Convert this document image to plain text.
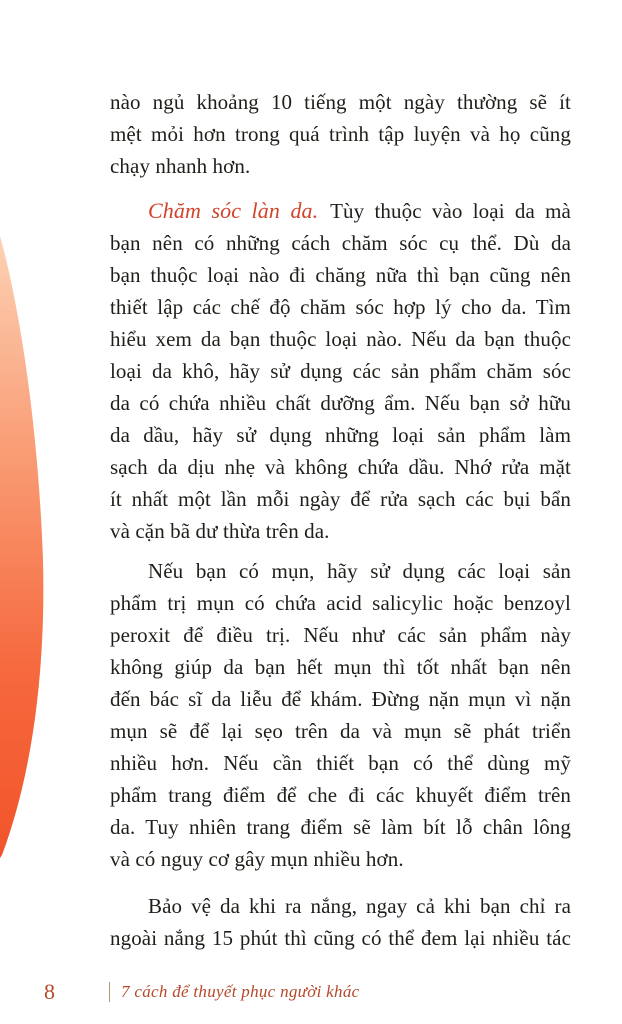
nào ngủ khoảng 10 tiếng một ngày thường sẽ ít
mệt mỏi hơn trong quá trình tập luyện và họ cũng
chạy nhanh hơn.
Chăm sóc làn da. Tùy thuộc vào loại da mà
bạn nên có những cách chăm sóc cụ thể. Dù da
bạn thuộc loại nào đi chăng nữa thì bạn cũng nên
thiết lập các chế độ chăm sóc hợp lý cho da. Tìm
hiểu xem da bạn thuộc loại nào. Nếu da bạn thuộc
loại da khô, hãy sử dụng các sản phẩm chăm sóc
da có chứa nhiều chất dưỡng ẩm. Nếu bạn sở hữu
da dầu, hãy sử dụng những loại sản phẩm làm
sạch da dịu nhẹ và không chứa dầu. Nhớ rửa mặt
ít nhất một lần mỗi ngày để rửa sạch các bụi bẩn
và cặn bã dư thừa trên da.
Nếu bạn có mụn, hãy sử dụng các loại sản
phẩm trị mụn có chứa acid salicylic hoặc benzoyl
peroxit để điều trị. Nếu như các sản phẩm này
không giúp da bạn hết mụn thì tốt nhất bạn nên
đến bác sĩ da liễu để khám. Đừng nặn mụn vì nặn
mụn sẽ để lại sẹo trên da và mụn sẽ phát triển
nhiều hơn. Nếu cần thiết bạn có thể dùng mỹ
phẩm trang điểm để che đi các khuyết điểm trên
da. Tuy nhiên trang điểm sẽ làm bít lỗ chân lông
và có nguy cơ gây mụn nhiều hơn.
Bảo vệ da khi ra nắng, ngay cả khi bạn chỉ ra
ngoài nắng 15 phút thì cũng có thể đem lại nhiều tác
8	7 cách để thuyết phục người khác
